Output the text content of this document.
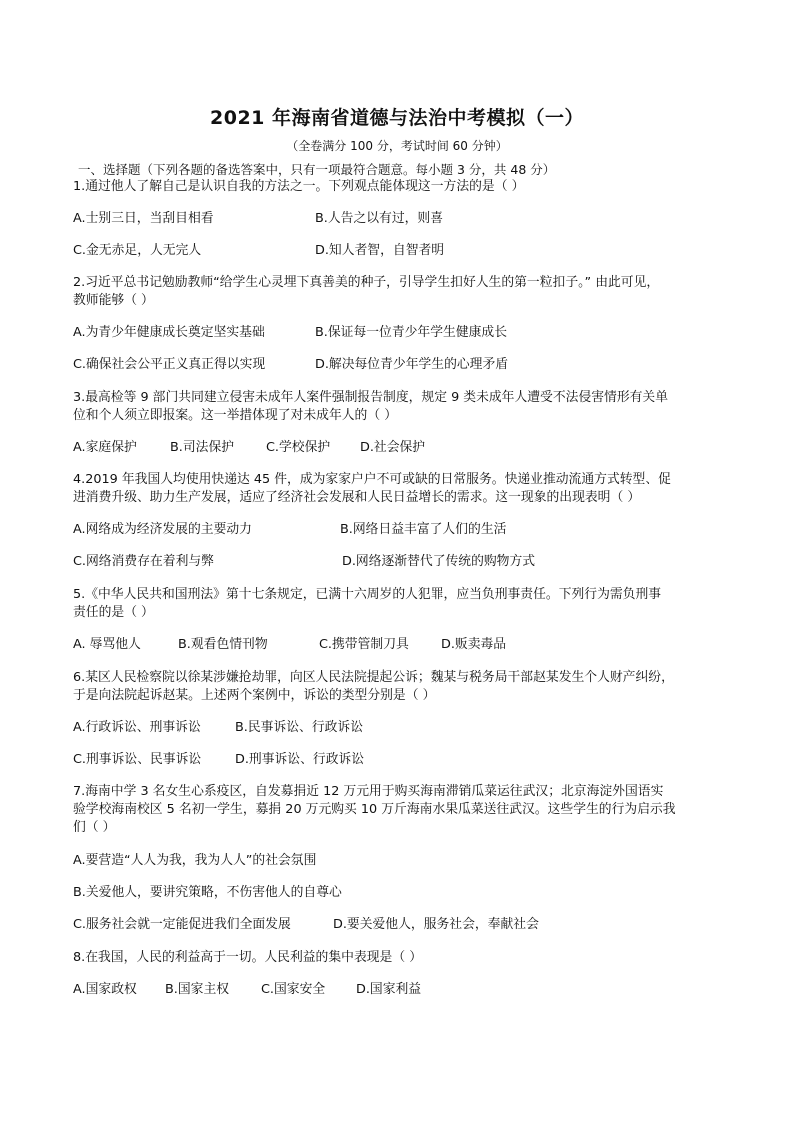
2021 年海南省道德与法治中考模拟（一）
（全卷满分 100 分，考试时间 60 分钟）
一、选择题（下列各题的备选答案中，只有一项最符合题意。每小题 3 分，共 48 分）
1.通过他人了解自己是认识自我的方法之一。下列观点能体现这一方法的是（ ）
A.士别三日，当刮目相看	B.人告之以有过，则喜
C.金无赤足，人无完人	D.知人者智，自智者明
2.习近平总书记勉励教师“给学生心灵埋下真善美的种子，引导学生扣好人生的第一粒扣子。” 由此可见，
教师能够（ ）
A.为青少年健康成长奠定坚实基础	B.保证每一位青少年学生健康成长
C.确保社会公平正义真正得以实现	D.解决每位青少年学生的心理矛盾
3.最高检等 9 部门共同建立侵害未成年人案件强制报告制度，规定 9 类未成年人遭受不法侵害情形有关单
位和个人须立即报案。这一举措体现了对未成年人的（ ）
A.家庭保护	B.司法保护 C.学校保护 D.社会保护
4.2019 年我国人均使用快递达 45 件，成为家家户户不可或缺的日常服务。快递业推动流通方式转型、促
进消费升级、助力生产发展，适应了经济社会发展和人民日益增长的需求。这一现象的出现表明（ ）
A.网络成为经济发展的主要动力	B.网络日益丰富了人们的生活
C.网络消费存在着利与弊	D.网络逐渐替代了传统的购物方式
5.《中华人民共和国刑法》第十七条规定，已满十六周岁的人犯罪，应当负刑事责任。下列行为需负刑事
责任的是（ ）
A. 辱骂他人	B.观看色情刊物	C.携带管制刀具	D.贩卖毒品
6.某区人民检察院以徐某涉嫌抢劫罪，向区人民法院提起公诉；魏某与税务局干部赵某发生个人财产纠纷，
于是向法院起诉赵某。上述两个案例中，诉讼的类型分别是（ ）
A.行政诉讼、刑事诉讼	B.民事诉讼、行政诉讼
C.刑事诉讼、民事诉讼	D.刑事诉讼、行政诉讼
7.海南中学 3 名女生心系疫区，自发募捐近 12 万元用于购买海南滞销瓜菜运往武汉；北京海淀外国语实
验学校海南校区 5 名初一学生，募捐 20 万元购买 10 万斤海南水果瓜菜送往武汉。这些学生的行为启示我
们（ ）
A.要营造“人人为我，我为人人”的社会氛围
B.关爱他人，要讲究策略，不伤害他人的自尊心
C.服务社会就一定能促进我们全面发展	D.要关爱他人，服务社会，奉献社会
8.在我国，人民的利益高于一切。人民利益的集中表现是（ ）
A.国家政权 B.国家主权 C.国家安全 D.国家利益
